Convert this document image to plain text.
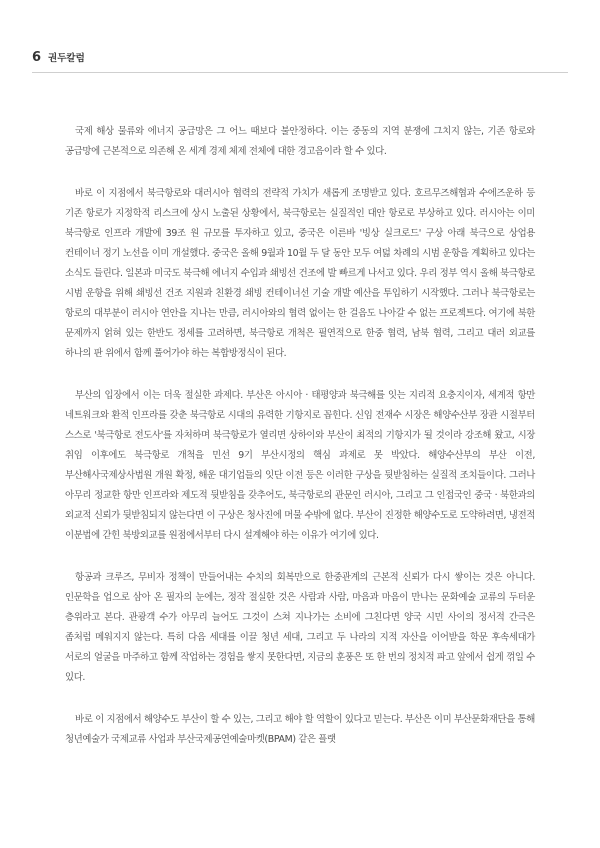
6 권두칼럼

국제 해상 물류와 에너지 공급망은 그 어느 때보다 불안정하다. 이는 중동의 지역 분쟁에 그치지 않는, 기존 항로와 공급망에 근본적으로 의존해 온 세계 경제 체제 전체에 대한 경고음이라 할 수 있다.

바로 이 지점에서 북극항로와 대러시아 협력의 전략적 가치가 새롭게 조명받고 있다. 호르무즈해협과 수에즈운하 등 기존 항로가 지정학적 리스크에 상시 노출된 상황에서, 북극항로는 실질적인 대안 항로로 부상하고 있다. 러시아는 이미 북극항로 인프라 개발에 39조 원 규모를 투자하고 있고, 중국은 이른바 '빙상 실크로드' 구상 아래 북극으로 상업용 컨테이너 정기 노선을 이미 개설했다. 중국은 올해 9월과 10월 두 달 동안 모두 여덟 차례의 시범 운항을 계획하고 있다는 소식도 들린다. 일본과 미국도 북극해 에너지 수입과 쇄빙선 건조에 발 빠르게 나서고 있다. 우리 정부 역시 올해 북극항로 시범 운항을 위해 쇄빙선 건조 지원과 친환경 쇄빙 컨테이너선 기술 개발 예산을 투입하기 시작했다. 그러나 북극항로는 항로의 대부분이 러시아 연안을 지나는 만큼, 러시아와의 협력 없이는 한 걸음도 나아갈 수 없는 프로젝트다. 여기에 북한 문제까지 얽혀 있는 한반도 정세를 고려하면, 북극항로 개척은 필연적으로 한중 협력, 남북 협력, 그리고 대러 외교를 하나의 판 위에서 함께 풀어가야 하는 복합방정식이 된다.

부산의 입장에서 이는 더욱 절실한 과제다. 부산은 아시아 · 태평양과 북극해를 잇는 지리적 요충지이자, 세계적 항만 네트워크와 환적 인프라를 갖춘 북극항로 시대의 유력한 기항지로 꼽힌다. 신임 전재수 시장은 해양수산부 장관 시절부터 스스로 '북극항로 전도사'를 자처하며 북극항로가 열리면 상하이와 부산이 최적의 기항지가 될 것이라 강조해 왔고, 시장 취임 이후에도 북극항로 개척을 민선 9기 부산시정의 핵심 과제로 못 박았다. 해양수산부의 부산 이전, 부산해사국제상사법원 개원 확정, 해운 대기업들의 잇단 이전 등은 이러한 구상을 뒷받침하는 실질적 조치들이다. 그러나 아무리 정교한 항만 인프라와 제도적 뒷받침을 갖추어도, 북극항로의 관문인 러시아, 그리고 그 인접국인 중국 · 북한과의 외교적 신뢰가 뒷받침되지 않는다면 이 구상은 청사진에 머물 수밖에 없다. 부산이 진정한 해양수도로 도약하려면, 냉전적 이분법에 갇힌 북방외교를 원점에서부터 다시 설계해야 하는 이유가 여기에 있다.

항공과 크루즈, 무비자 정책이 만들어내는 수치의 회복만으로 한중관계의 근본적 신뢰가 다시 쌓이는 것은 아니다. 인문학을 업으로 삼아 온 필자의 눈에는, 정작 절실한 것은 사람과 사람, 마음과 마음이 만나는 문화예술 교류의 두터운 층위라고 본다. 관광객 수가 아무리 늘어도 그것이 스쳐 지나가는 소비에 그친다면 양국 시민 사이의 정서적 간극은 좀처럼 메워지지 않는다. 특히 다음 세대를 이끌 청년 세대, 그리고 두 나라의 지적 자산을 이어받을 학문 후속세대가 서로의 얼굴을 마주하고 함께 작업하는 경험을 쌓지 못한다면, 지금의 훈풍은 또 한 번의 정치적 파고 앞에서 쉽게 꺾일 수 있다.

바로 이 지점에서 해양수도 부산이 할 수 있는, 그리고 해야 할 역할이 있다고 믿는다. 부산은 이미 부산문화재단을 통해 청년예술가 국제교류 사업과 부산국제공연예술마켓(BPAM) 같은 플랫
